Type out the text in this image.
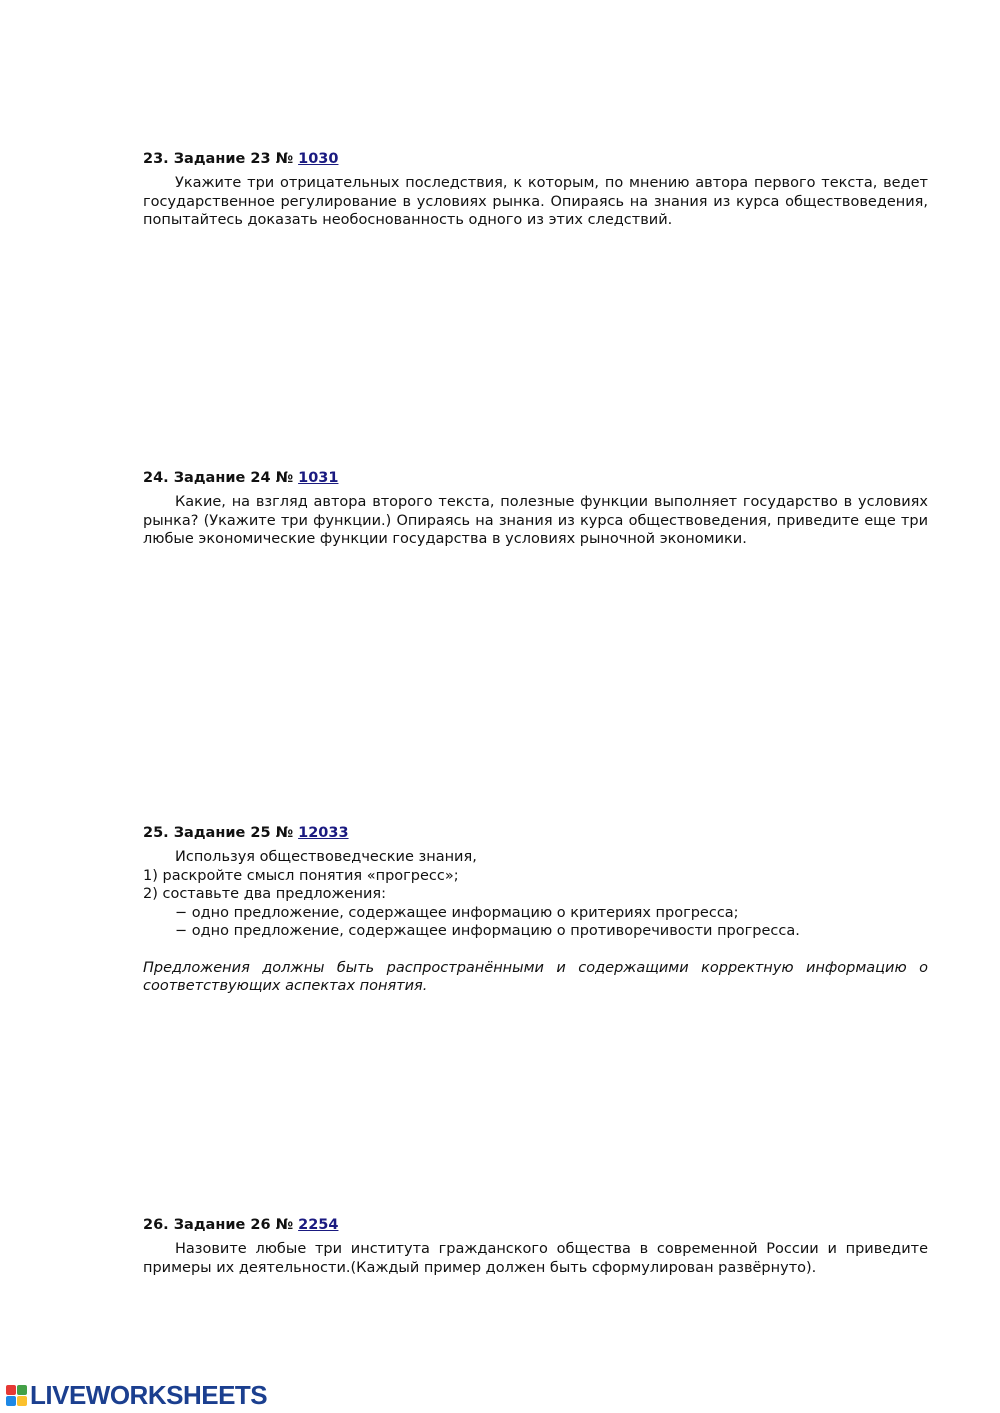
23. Задание 23 № 1030

Укажите три отрицательных последствия, к которым, по мнению автора первого текста, ведет государственное регулирование в условиях рынка. Опираясь на знания из курса обществоведения, попытайтесь доказать необоснованность одного из этих следствий.

24. Задание 24 № 1031

Какие, на взгляд автора второго текста, полезные функции выполняет государство в условиях рынка? (Укажите три функции.) Опираясь на знания из курса обществоведения, приведите еще три любые экономические функции государства в условиях рыночной экономики.

25. Задание 25 № 12033

Используя обществоведческие знания,

1) раскройте смысл понятия «прогресс»;

2) составьте два предложения:

− одно предложение, содержащее информацию о критериях прогресса;

− одно предложение, содержащее информацию о противоречивости прогресса.

Предложения должны быть распространёнными и содержащими корректную информацию о соответствующих аспектах понятия.

26. Задание 26 № 2254

Назовите любые три института гражданского общества в современной России и приведите примеры их деятельности.(Каждый пример должен быть сформулирован развёрнуто).

LIVEWORKSHEETS
